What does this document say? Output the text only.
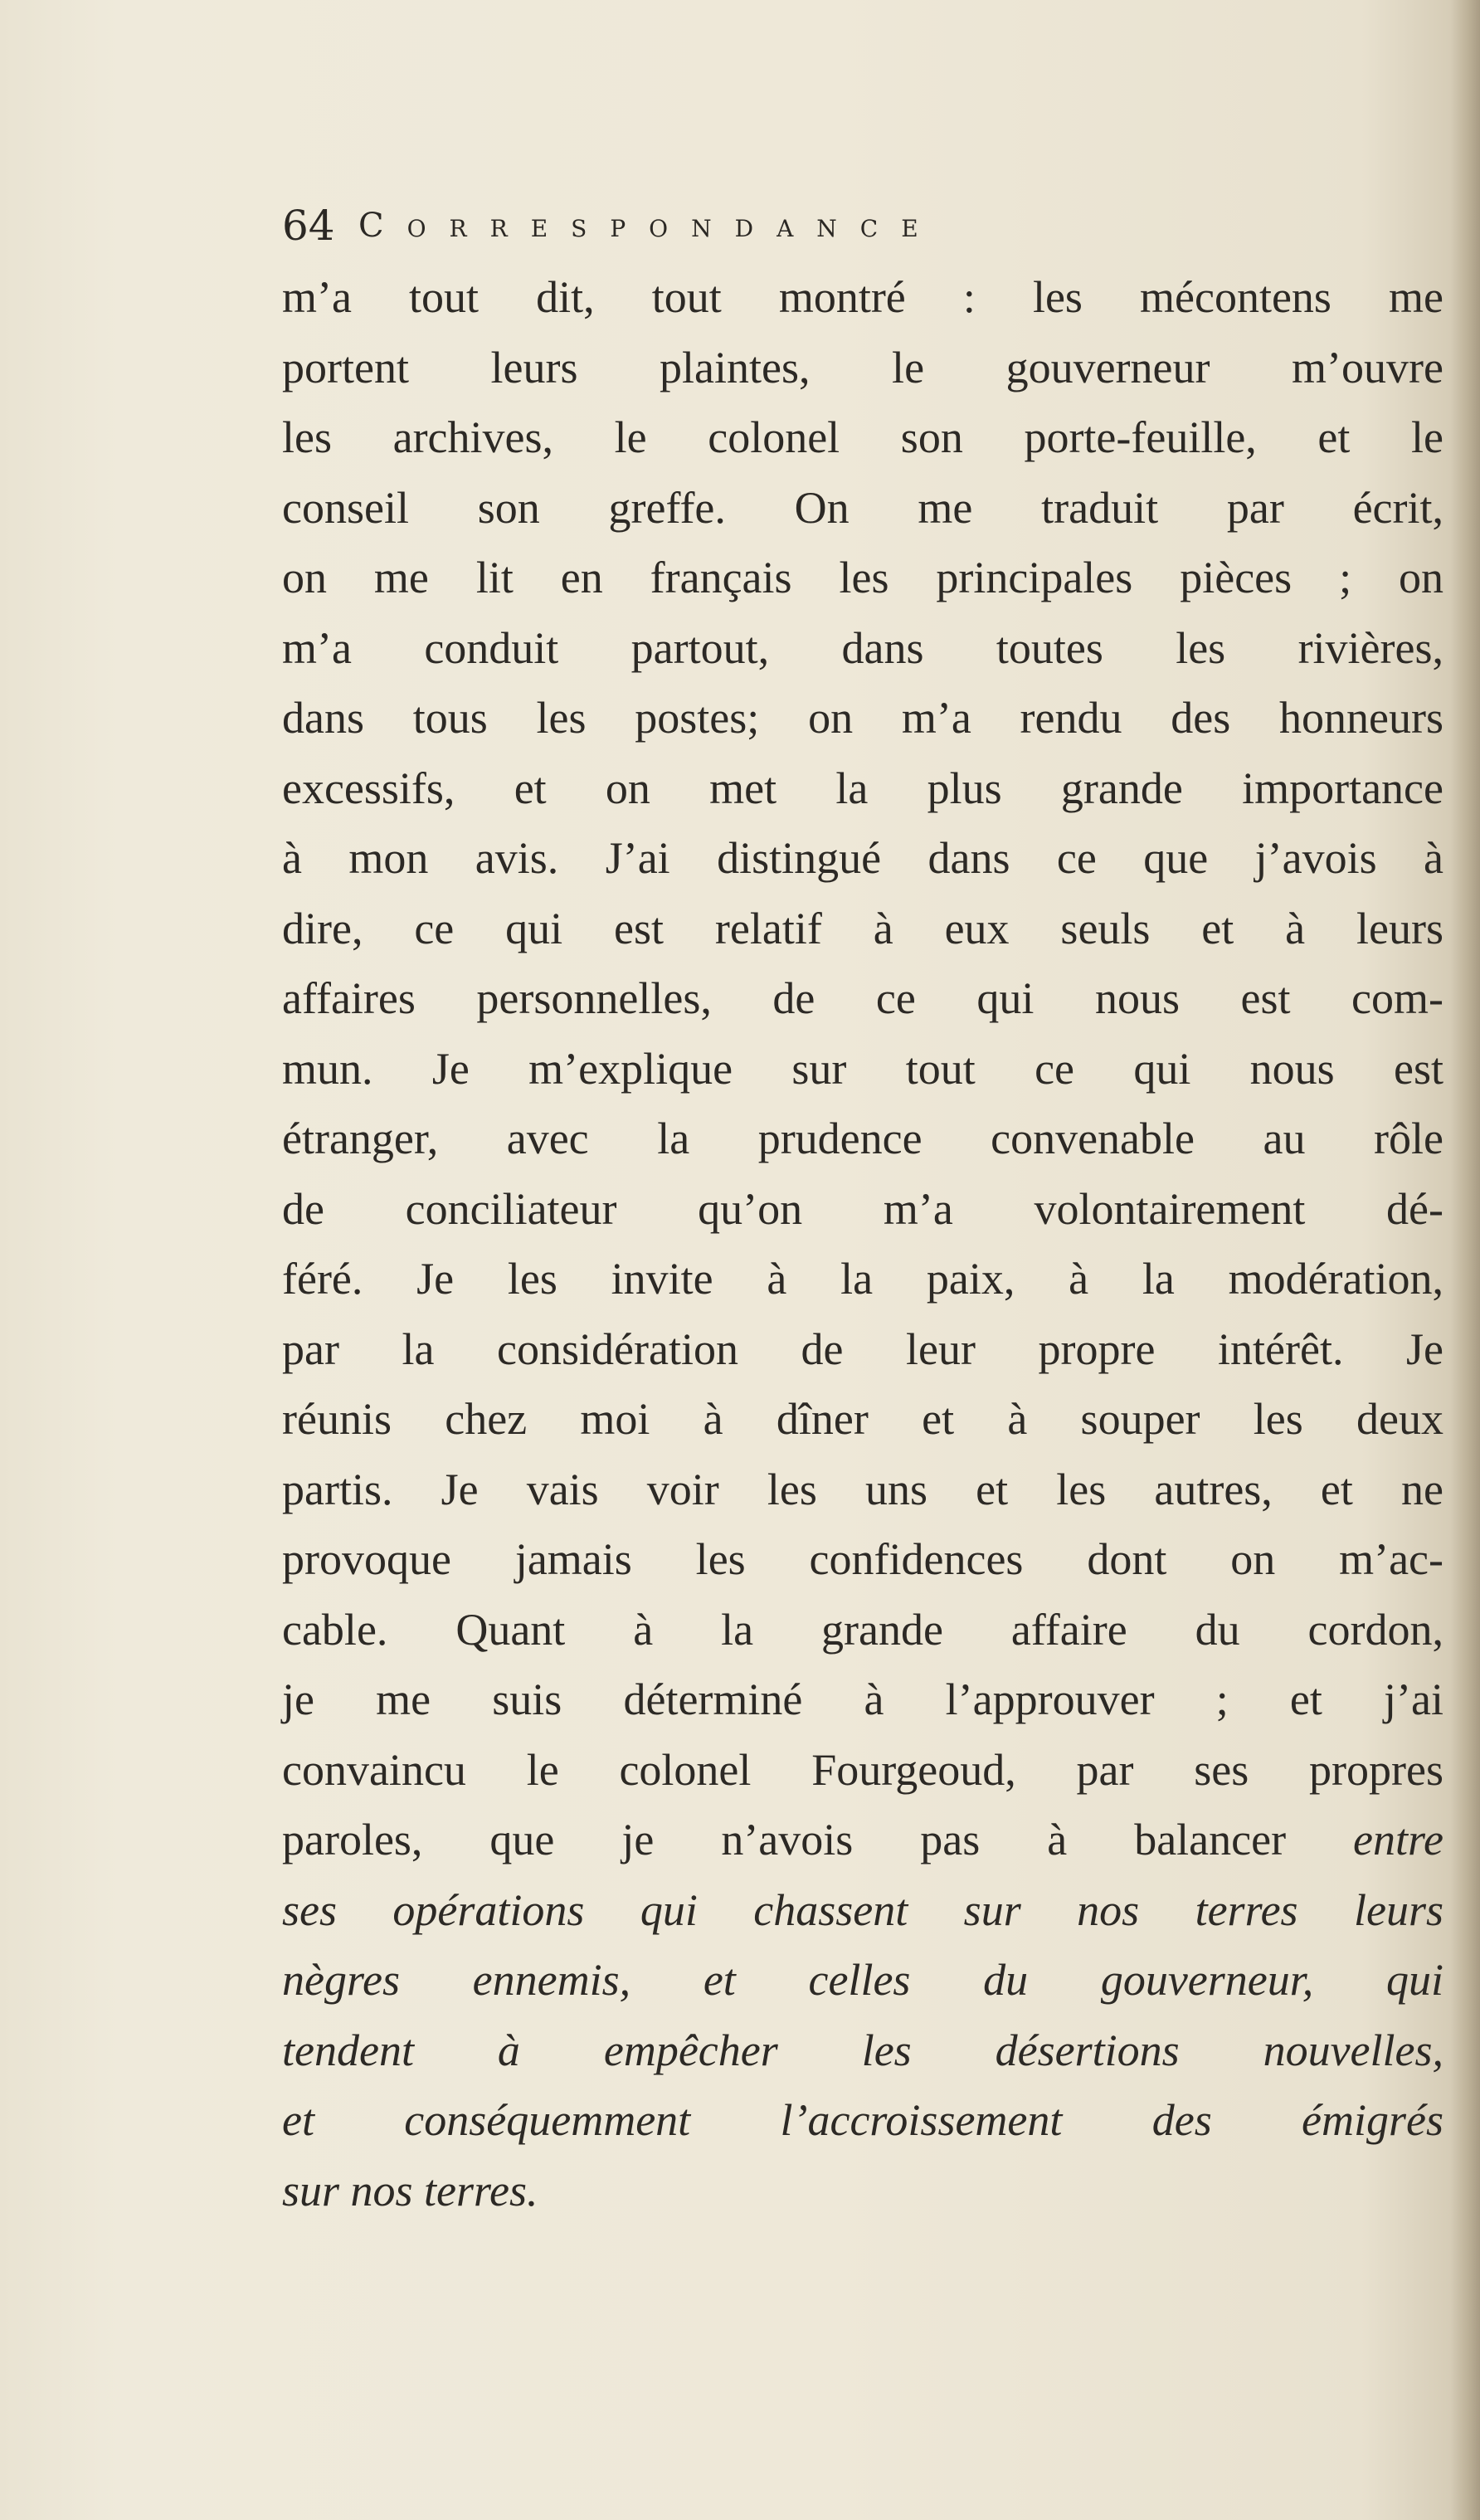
64 Correspondance
m’a tout dit, tout montré : les mécontens me
portent leurs plaintes, le gouverneur m’ouvre
les archives, le colonel son porte-feuille, et le
conseil son greffe. On me traduit par écrit,
on me lit en français les principales pièces ; on
m’a conduit partout, dans toutes les rivières,
dans tous les postes; on m’a rendu des honneurs
excessifs, et on met la plus grande importance
à mon avis. J’ai distingué dans ce que j’avois à
dire, ce qui est relatif à eux seuls et à leurs
affaires personnelles, de ce qui nous est com-
mun. Je m’explique sur tout ce qui nous est
étranger, avec la prudence convenable au rôle
de conciliateur qu’on m’a volontairement dé-
féré. Je les invite à la paix, à la modération,
par la considération de leur propre intérêt. Je
réunis chez moi à dîner et à souper les deux
partis. Je vais voir les uns et les autres, et ne
provoque jamais les confidences dont on m’ac-
cable. Quant à la grande affaire du cordon,
je me suis déterminé à l’approuver ; et j’ai
convaincu le colonel Fourgeoud, par ses propres
paroles, que je n’avois pas à balancer entre
ses opérations qui chassent sur nos terres leurs
nègres ennemis, et celles du gouverneur, qui
tendent à empêcher les désertions nouvelles,
et conséquemment l’accroissement des émigrés
sur nos terres.
